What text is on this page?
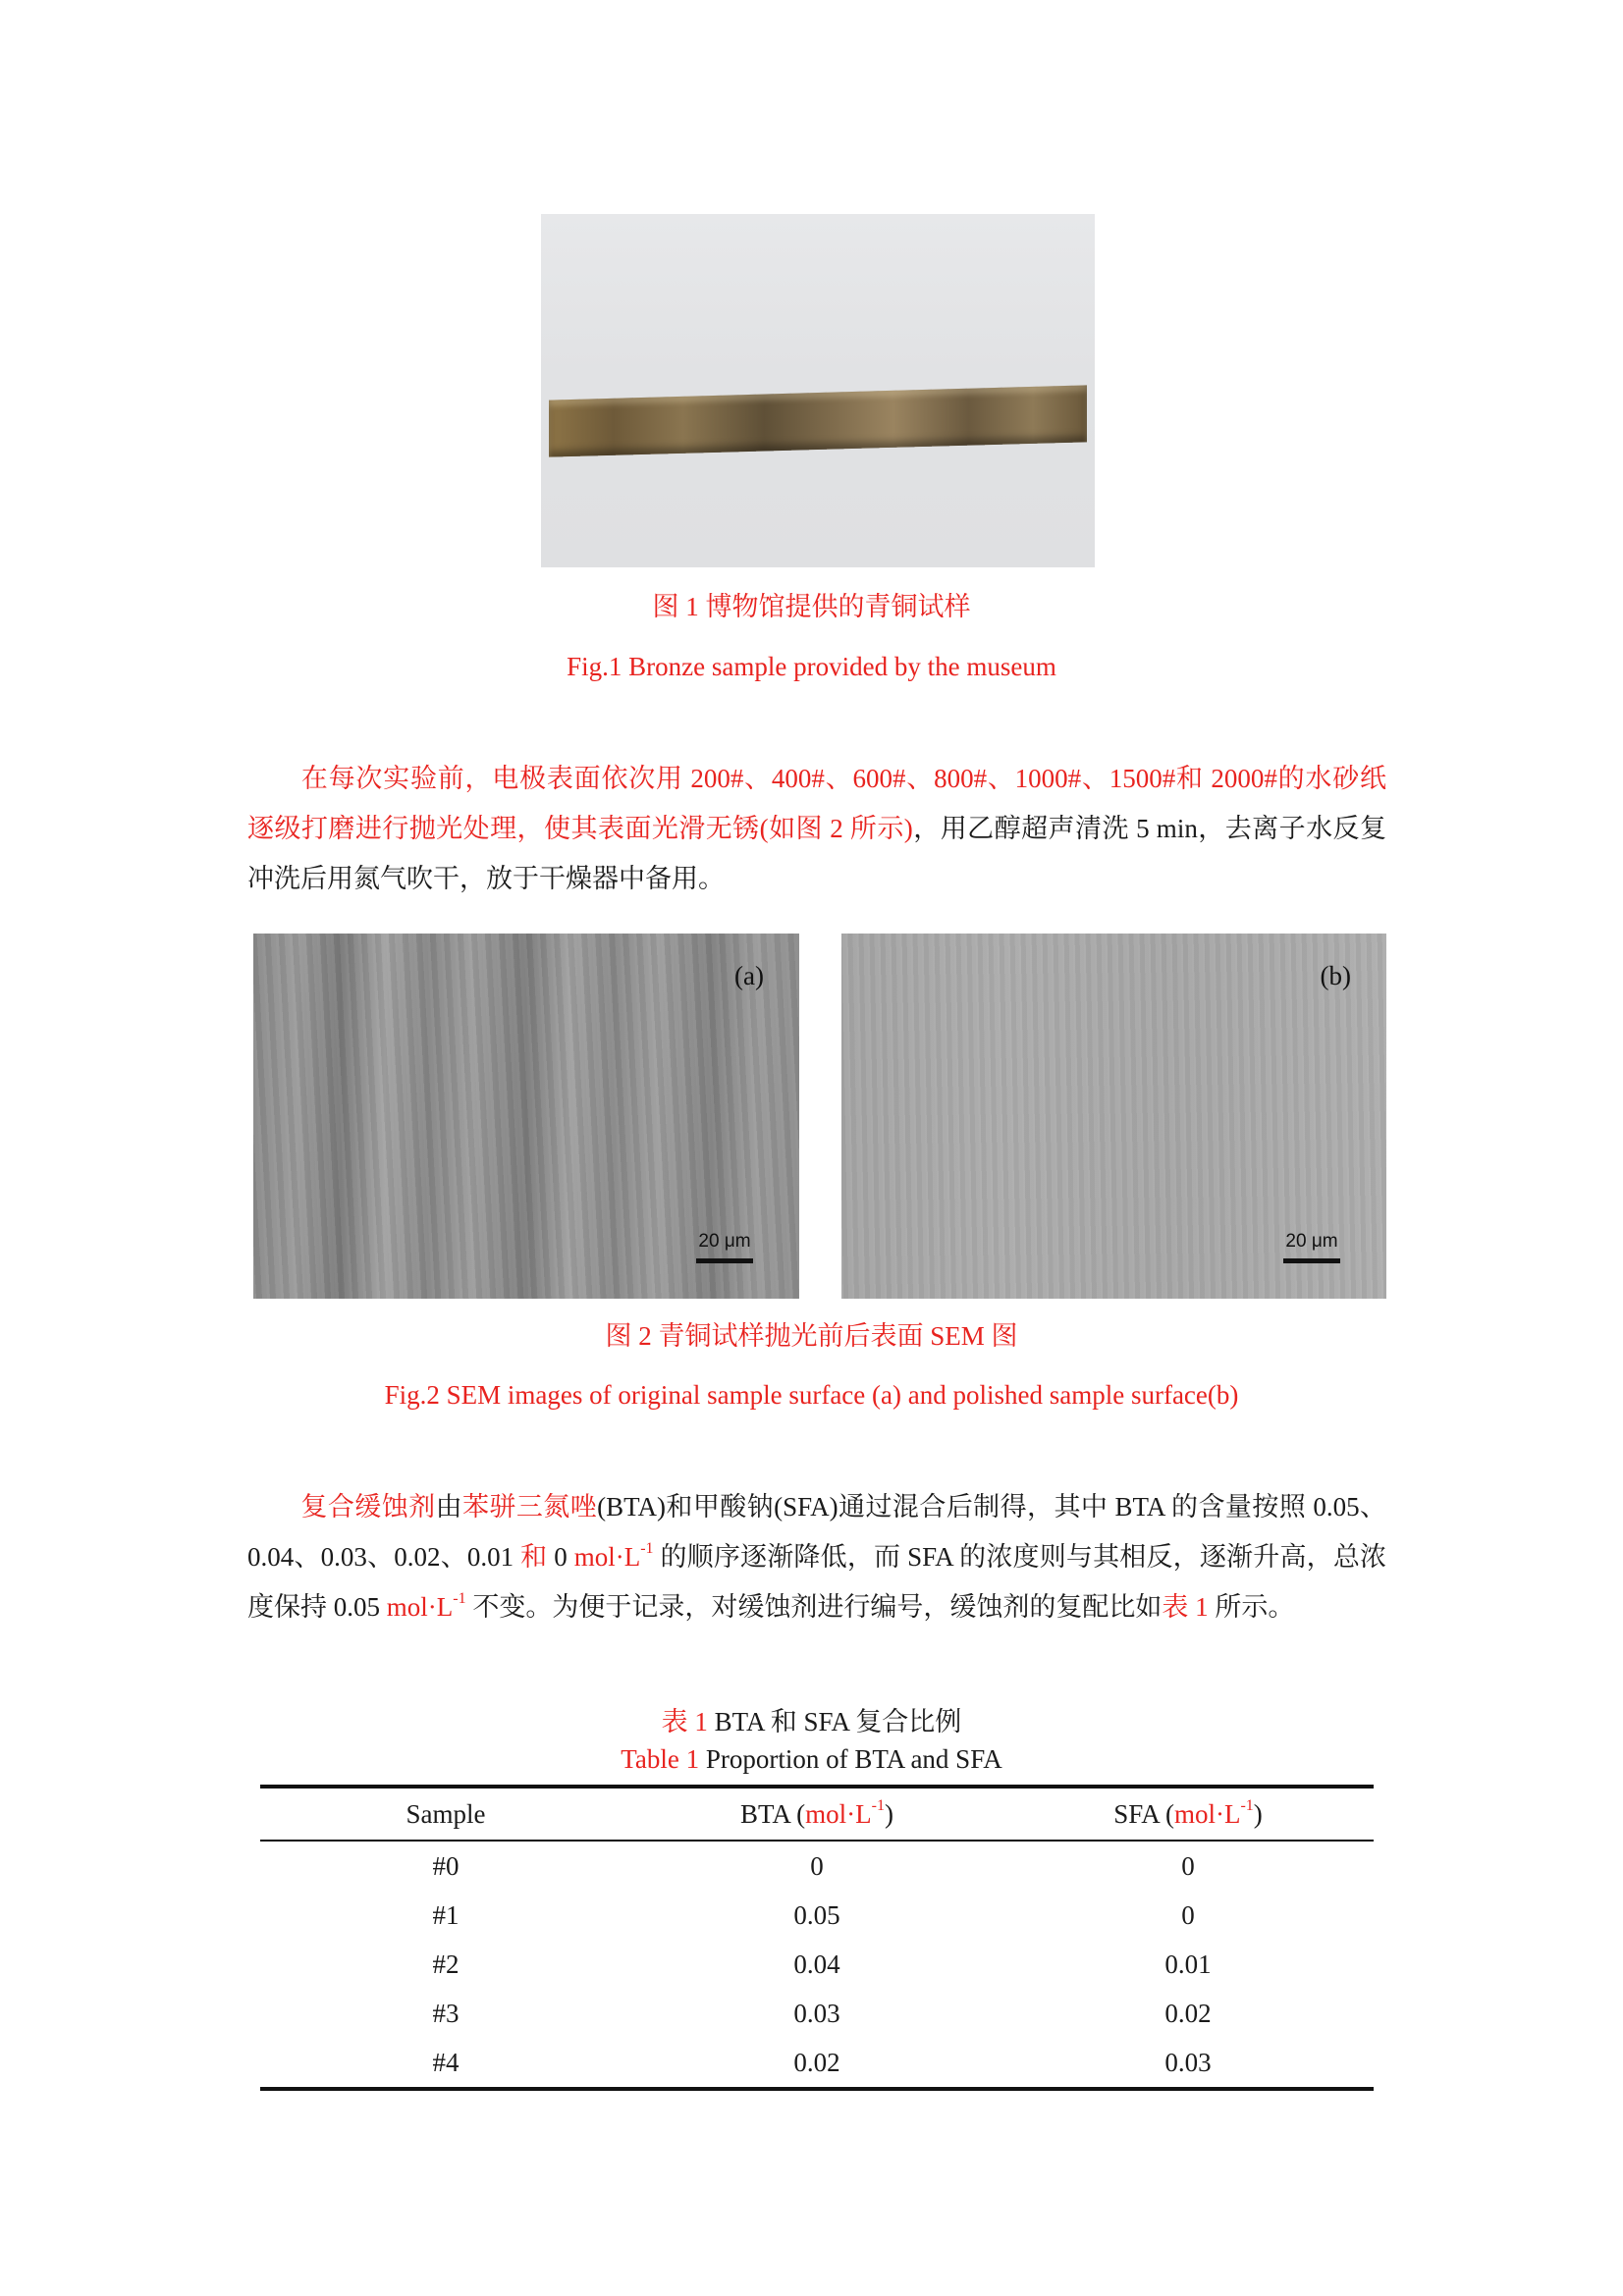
图 1 博物馆提供的青铜试样
Fig.1 Bronze sample provided by the museum
在每次实验前，电极表面依次用 200#、400#、600#、800#、1000#、1500#和 2000#的水砂纸逐级打磨进行抛光处理，使其表面光滑无锈(如图 2 所示)，用乙醇超声清洗 5 min，去离子水反复冲洗后用氮气吹干，放于干燥器中备用。
(a)
20 μm
(b)
20 μm
图 2 青铜试样抛光前后表面 SEM 图
Fig.2 SEM images of original sample surface (a) and polished sample surface(b)
复合缓蚀剂由苯骈三氮唑(BTA)和甲酸钠(SFA)通过混合后制得，其中 BTA 的含量按照 0.05、0.04、0.03、0.02、0.01 和 0 $mol\cdot L^{-1}$ 的顺序逐渐降低，而 SFA 的浓度则与其相反，逐渐升高，总浓度保持 0.05 $mol\cdot L^{-1}$ 不变。为便于记录，对缓蚀剂进行编号，缓蚀剂的复配比如表 1 所示。
表 1 BTA 和 SFA 复合比例
Table 1 Proportion of BTA and SFA
Sample	BTA $(mol\cdot L^{-1})$	SFA $(mol\cdot L^{-1})$
#0	0	0
#1	0.05	0
#2	0.04	0.01
#3	0.03	0.02
#4	0.02	0.03
